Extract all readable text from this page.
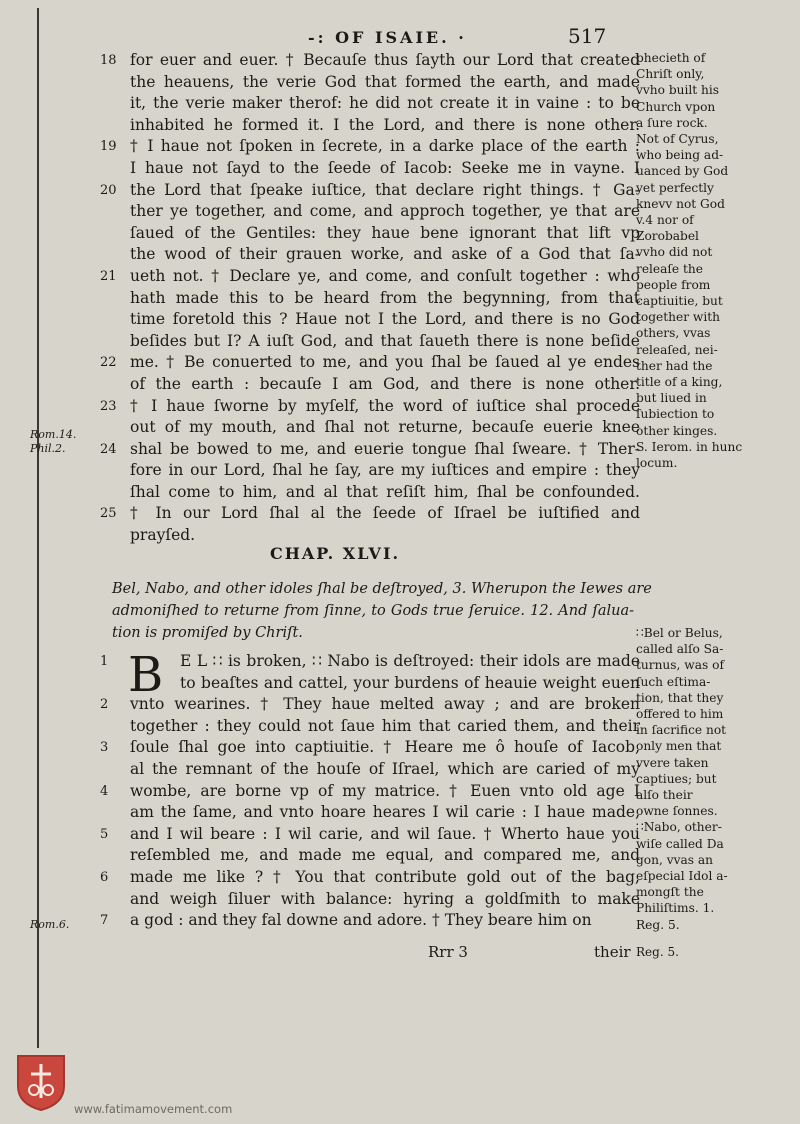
-: OF ISAIE. ·	517
18 for euer and euer. † Becauſe thus ſayth our Lord that created
the heauens, the verie God that formed the earth, and made
it, the verie maker therof: he did not create it in vaine : to be
inhabited he formed it. I the Lord, and there is none other.
19 † I haue not ſpoken in ſecrete, in a darke place of the earth :
I haue not ſayd to the ſeede of Iacob: Seeke me in vayne. I
20 the Lord that ſpeake iuſtice, that declare right things. † Ga-
ther ye together, and come, and approch together, ye that are
ſaued of the Gentiles: they haue bene ignorant that lift vp
the wood of their grauen worke, and aske of a God that ſa-
21 ueth not. † Declare ye, and come, and conſult together : who
hath made this to be heard from the begynning, from that
time foretold this ? Haue not I the Lord, and there is no God
beſides but I? A iuſt God, and that ſaueth there is none beſide
22 me. † Be conuerted to me, and you ſhal be ſaued al ye endes
of the earth : becauſe I am God, and there is none other.
23 † I haue ſworne by myſelf, the word of iuſtice shal procede
out of my mouth, and ſhal not returne, becauſe euerie knee
24 shal be bowed to me, and euerie tongue ſhal ſweare. † Ther-
fore in our Lord, ſhal he ſay, are my iuſtices and empire : they
ſhal come to him, and al that reſiſt him, ſhal be confounded.
25 † In our Lord ſhal al the ſeede of Iſrael be iuſtified and
prayſed.
CHAP. XLVI.
Bel, Nabo, and other idoles ſhal be deſtroyed, 3. Wherupon the Iewes are
admoniſhed to returne from ſinne, to Gods true ſeruice. 12. And ſalua-
tion is promiſed by Chriſt.
B
1	E L ∷ is broken, ∷ Nabo is deſtroyed: their idols are made
to beaſtes and cattel, your burdens of heauie weight euen
2	vnto wearines. † They haue melted away ; and are broken
together : they could not ſaue him that caried them, and their
3	ſoule ſhal goe into captiuitie. † Heare me ô houſe of Iacob,
al the remnant of the houſe of Iſrael, which are caried of my
4	wombe, are borne vp of my matrice. † Euen vnto old age I
am the ſame, and vnto hoare heares I wil carie : I haue made,
5	and I wil beare : I wil carie, and wil ſaue. † Wherto haue you
reſembled me, and made me equal, and compared me, and
6	made me like ? † You that contribute gold out of the bag,
and weigh ſiluer with balance: hyring a goldſmith to make
7	a god : and they fal downe and adore. † They beare him on
phecieth of
Chriſt only,
vvho built his
Church vpon
a ſure rock.
Not of Cyrus,
who being ad-
uanced by God
yet perfectly
knevv not God
v.4 nor of
Zorobabel
vvho did not
releaſe the
people from
captiuitie, but
together with
others, vvas
releaſed, nei-
ther had the
title of a king,
but liued in
ſubiection to
other kinges.
S. Ierom. in hunc
locum.
∷Bel or Belus,
called alſo Sa-
turnus, was of
ſuch eſtima-
tion, that they
offered to him
in ſacrifice not
only men that
vvere taken
captiues; but
alſo their
owne ſonnes.
∷Nabo, other-
wiſe called Da
gon, vvas an
eſpecial Idol a-
mongſt the
Philiſtims. 1.
Reg. 5.
Rom.14.
Phil.2.
Rom.6.
Rrr 3	their Reg. 5.
www.fatimamovement.com
